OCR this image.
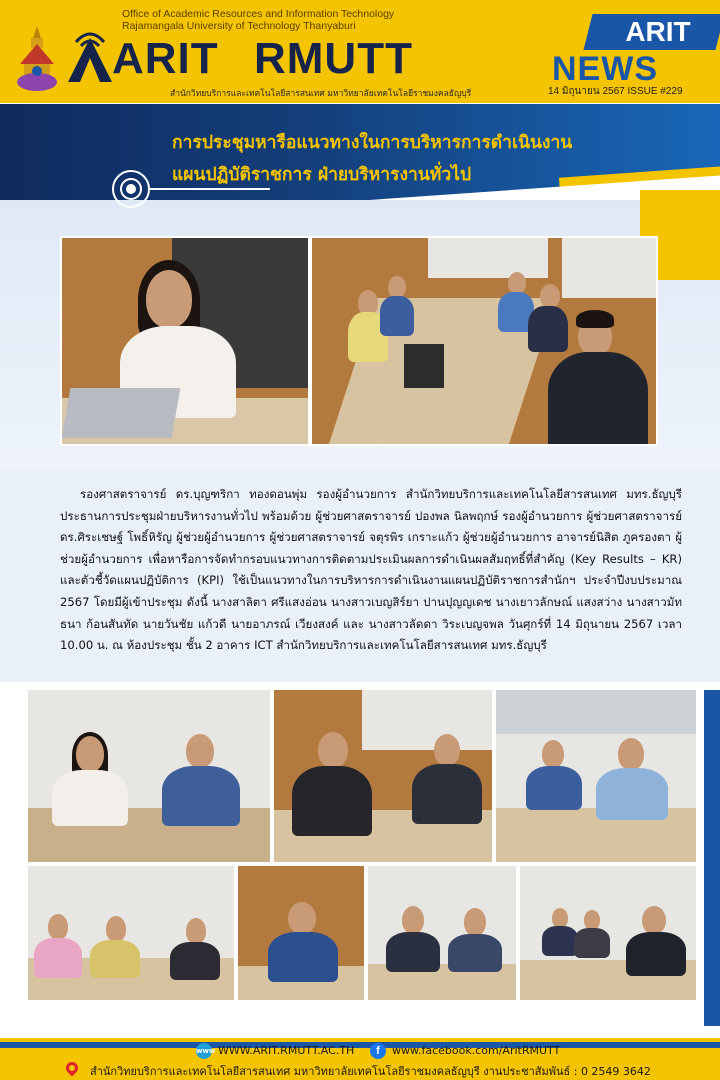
Office of Academic Resources and Information Technology
Rajamangala University of Technology Thanyaburi
ARIT RMUTT
สำนักวิทยบริการและเทคโนโลยีสารสนเทศ มหาวิทยาลัยเทคโนโลยีราชมงคลธัญบุรี
ARIT
NEWS
14 มิถุนายน 2567 ISSUE #229
การประชุมหารือแนวทางในการบริหารการดำเนินงาน
แผนปฏิบัติราชการ ฝ่ายบริหารงานทั่วไป

รองศาสตราจารย์ ดร.บุญฑริกา ทองดอนพุ่ม รองผู้อำนวยการ สำนักวิทยบริการและเทคโนโลยีสารสนเทศ มทร.ธัญบุรี ประธานการประชุมฝ่ายบริหารงานทั่วไป พร้อมด้วย ผู้ช่วยศาสตราจารย์ ปองพล นิลพฤกษ์ รองผู้อำนวยการ ผู้ช่วยศาสตราจารย์ ดร.ศิระเชษฐ์ โพธิ์หิรัญ ผู้ช่วยผู้อำนวยการ ผู้ช่วยศาสตราจารย์ จตุรพิร เกราะแก้ว ผู้ช่วยผู้อำนวยการ อาจารย์นิสิต ภูครองตา ผู้ช่วยผู้อำนวยการ เพื่อหารือการจัดทำกรอบแนวทางการติดตามประเมินผลการดำเนินผลสัมฤทธิ์ที่สำคัญ (Key Results – KR) และตัวชี้วัดแผนปฏิบัติการ (KPI) ใช้เป็นแนวทางในการบริหารการดำเนินงานแผนปฏิบัติราชการสำนักฯ ประจำปีงบประมาณ 2567 โดยมีผู้เข้าประชุม ดังนี้ นางสาลิตา ศรีแสงอ่อน นางสาวเบญสิร์ยา ปานปุญญเดช นางเยาวลักษณ์ แสงสว่าง นางสาวมัทธนา ก้อนสันทัด นายวันชัย แก้วดี นายอาภรณ์ เวียงสงค์ และ นางสาวลัดดา วิระเบญจพล วันศุกร์ที่ 14 มิถุนายน 2567 เวลา 10.00 น. ณ ห้องประชุม ชั้น 2 อาคาร ICT สำนักวิทยบริการและเทคโนโลยีสารสนเทศ มทร.ธัญบุรี

www WWW.ARIT.RMUTT.AC.TH	f	www.facebook.com/AritRMUTT
สำนักวิทยบริการและเทคโนโลยีสารสนเทศ มหาวิทยาลัยเทคโนโลยีราชมงคลธัญบุรี งานประชาสัมพันธ์ : 0 2549 3642
